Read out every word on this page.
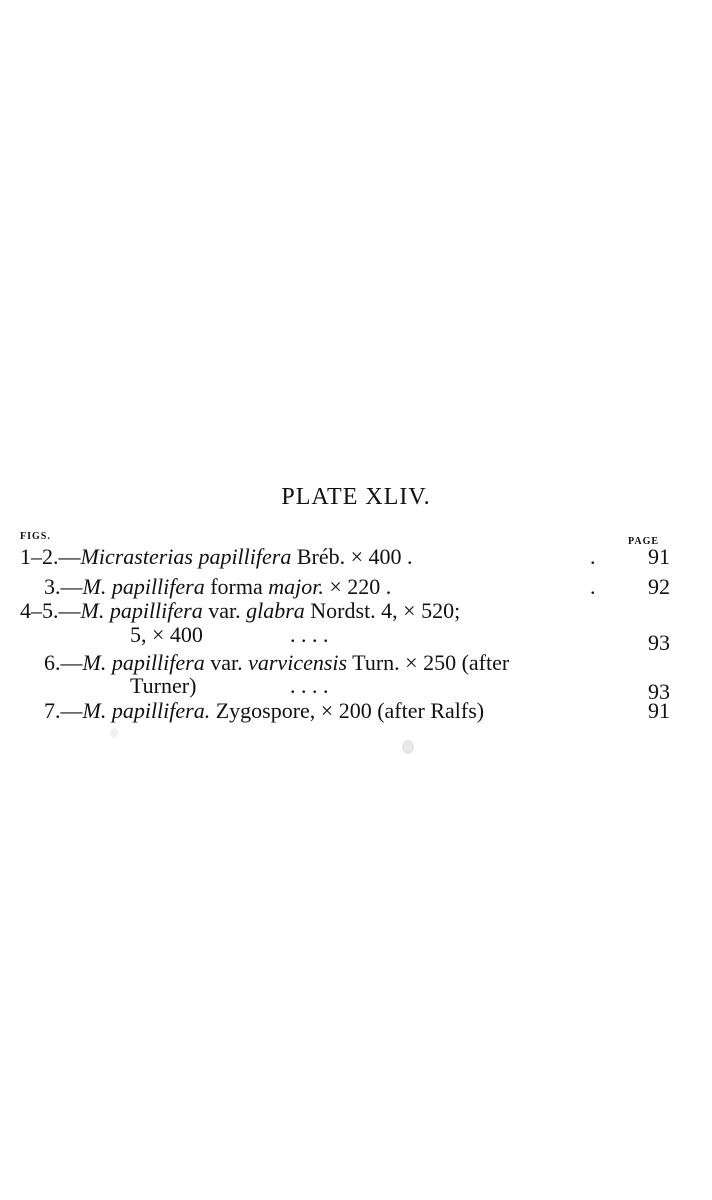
PLATE XLIV.
FIGS.	PAGE
1–2.—Micrasterias papillifera Bréb. × 400 .	.	91
3.—M. papillifera forma major. × 220 .	.	92
4–5.—M. papillifera var. glabra Nordst. 4, × 520;
5, × 400	. . . .	93
6.—M. papillifera var. varvicensis Turn. × 250 (after
Turner)	. . . .	93
7.—M. papillifera. Zygospore, × 200 (after Ralfs)	91
